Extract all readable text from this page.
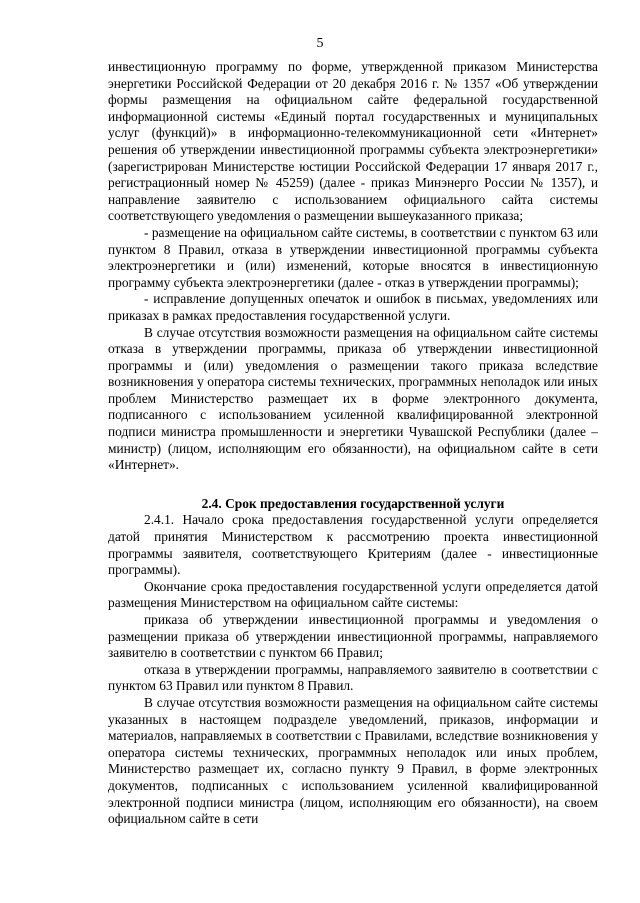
5

инвестиционную программу по форме, утвержденной приказом Министерства энергетики Российской Федерации от 20 декабря 2016 г. № 1357 «Об утверждении формы размещения на официальном сайте федеральной государственной информационной системы «Единый портал государственных и муниципальных услуг (функций)» в информационно-телекоммуникационной сети «Интернет» решения об утверждении инвестиционной программы субъекта электроэнергетики» (зарегистрирован Министерстве юстиции Российской Федерации 17 января 2017 г., регистрационный номер № 45259) (далее - приказ Минэнерго России № 1357), и направление заявителю с использованием официального сайта системы соответствующего уведомления о размещении вышеуказанного приказа;

- размещение на официальном сайте системы, в соответствии с пунктом 63 или пунктом 8 Правил, отказа в утверждении инвестиционной программы субъекта электроэнергетики и (или) изменений, которые вносятся в инвестиционную программу субъекта электроэнергетики (далее - отказ в утверждении программы);

- исправление допущенных опечаток и ошибок в письмах, уведомлениях или приказах в рамках предоставления государственной услуги.

В случае отсутствия возможности размещения на официальном сайте системы отказа в утверждении программы, приказа об утверждении инвестиционной программы и (или) уведомления о размещении такого приказа вследствие возникновения у оператора системы технических, программных неполадок или иных проблем Министерство размещает их в форме электронного документа, подписанного с использованием усиленной квалифицированной электронной подписи министра промышленности и энергетики Чувашской Республики (далее – министр) (лицом, исполняющим его обязанности), на официальном сайте в сети «Интернет».

2.4. Срок предоставления государственной услуги

2.4.1. Начало срока предоставления государственной услуги определяется датой принятия Министерством к рассмотрению проекта инвестиционной программы заявителя, соответствующего Критериям (далее - инвестиционные программы).

Окончание срока предоставления государственной услуги определяется датой размещения Министерством на официальном сайте системы:

приказа об утверждении инвестиционной программы и уведомления о размещении приказа об утверждении инвестиционной программы, направляемого заявителю в соответствии с пунктом 66 Правил;

отказа в утверждении программы, направляемого заявителю в соответствии с пунктом 63 Правил или пунктом 8 Правил.

В случае отсутствия возможности размещения на официальном сайте системы указанных в настоящем подразделе уведомлений, приказов, информации и материалов, направляемых в соответствии с Правилами, вследствие возникновения у оператора системы технических, программных неполадок или иных проблем, Министерство размещает их, согласно пункту 9 Правил, в форме электронных документов, подписанных с использованием усиленной квалифицированной электронной подписи министра (лицом, исполняющим его обязанности), на своем официальном сайте в сети
